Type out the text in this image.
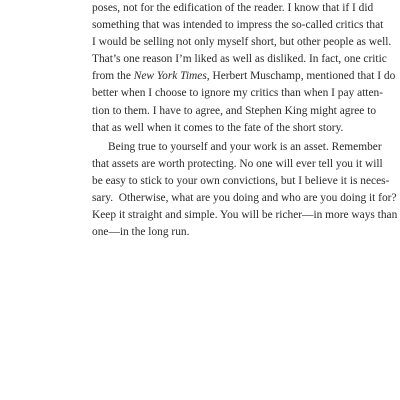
poses, not for the edification of the reader. I know that if I did
something that was intended to impress the so-called critics that
I would be selling not only myself short, but other people as well.
That’s one reason I’m liked as well as disliked. In fact, one critic
from the New York Times, Herbert Muschamp, mentioned that I do
better when I choose to ignore my critics than when I pay atten-
tion to them. I have to agree, and Stephen King might agree to
that as well when it comes to the fate of the short story.
Being true to yourself and your work is an asset. Remember
that assets are worth protecting. No one will ever tell you it will
be easy to stick to your own convictions, but I believe it is neces-
sary.  Otherwise, what are you doing and who are you doing it for?
Keep it straight and simple. You will be richer—in more ways than
one—in the long run.
